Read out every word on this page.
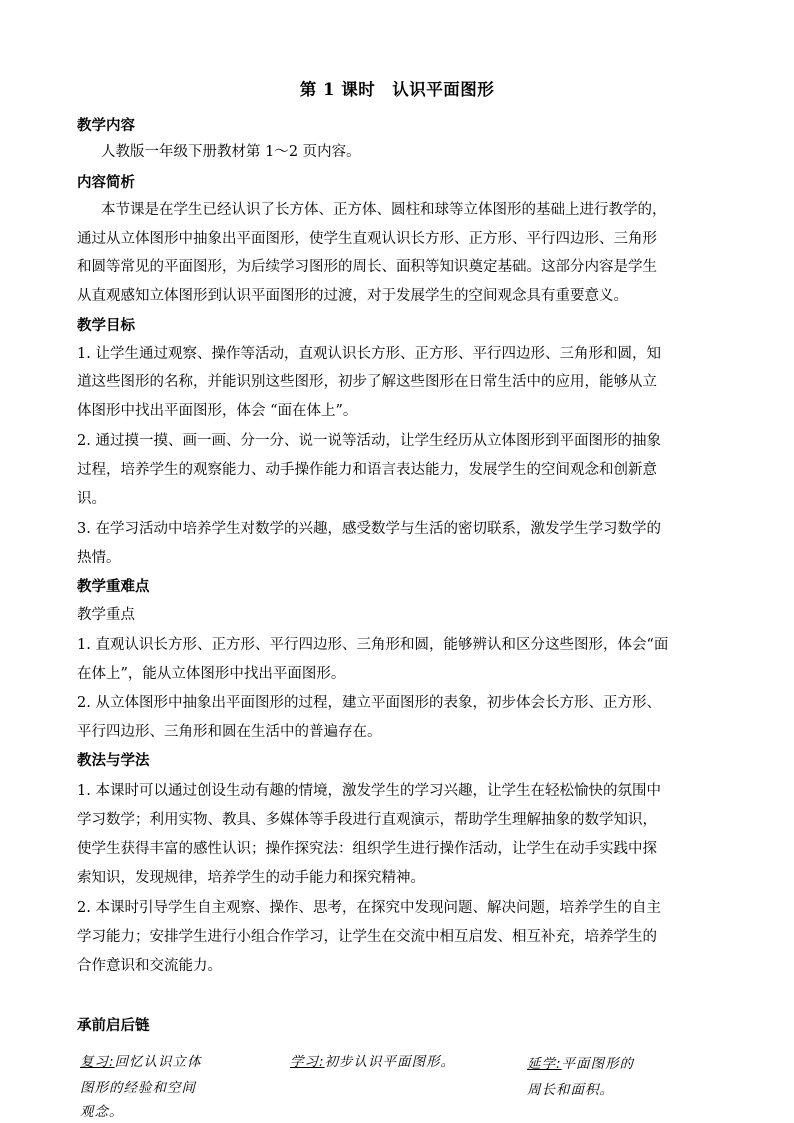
第 1 课时　认识平面图形
教学内容
人教版一年级下册教材第 1～2 页内容。
内容简析
本节课是在学生已经认识了长方体、正方体、圆柱和球等立体图形的基础上进行教学的，
通过从立体图形中抽象出平面图形，使学生直观认识长方形、正方形、平行四边形、三角形
和圆等常见的平面图形，为后续学习图形的周长、面积等知识奠定基础。这部分内容是学生
从直观感知立体图形到认识平面图形的过渡，对于发展学生的空间观念具有重要意义。
教学目标
1. 让学生通过观察、操作等活动，直观认识长方形、正方形、平行四边形、三角形和圆，知
道这些图形的名称，并能识别这些图形，初步了解这些图形在日常生活中的应用，能够从立
体图形中找出平面图形，体会 “面在体上”。
2. 通过摸一摸、画一画、分一分、说一说等活动，让学生经历从立体图形到平面图形的抽象
过程，培养学生的观察能力、动手操作能力和语言表达能力，发展学生的空间观念和创新意
识。
3. 在学习活动中培养学生对数学的兴趣，感受数学与生活的密切联系，激发学生学习数学的
热情。
教学重难点
教学重点
1. 直观认识长方形、正方形、平行四边形、三角形和圆，能够辨认和区分这些图形，体会“面
在体上”，能从立体图形中找出平面图形。
2. 从立体图形中抽象出平面图形的过程，建立平面图形的表象，初步体会长方形、正方形、
平行四边形、三角形和圆在生活中的普遍存在。
教法与学法
1. 本课时可以通过创设生动有趣的情境，激发学生的学习兴趣，让学生在轻松愉快的氛围中
学习数学；利用实物、教具、多媒体等手段进行直观演示，帮助学生理解抽象的数学知识，
使学生获得丰富的感性认识；操作探究法：组织学生进行操作活动，让学生在动手实践中探
索知识，发现规律，培养学生的动手能力和探究精神。
2. 本课时引导学生自主观察、操作、思考，在探究中发现问题、解决问题，培养学生的自主
学习能力；安排学生进行小组合作学习，让学生在交流中相互启发、相互补充，培养学生的
合作意识和交流能力。
承前启后链
复习:回忆认识立体
图形的经验和空间
观念。
学习:初步认识平面图形。	延学:平面图形的
周长和面积。
